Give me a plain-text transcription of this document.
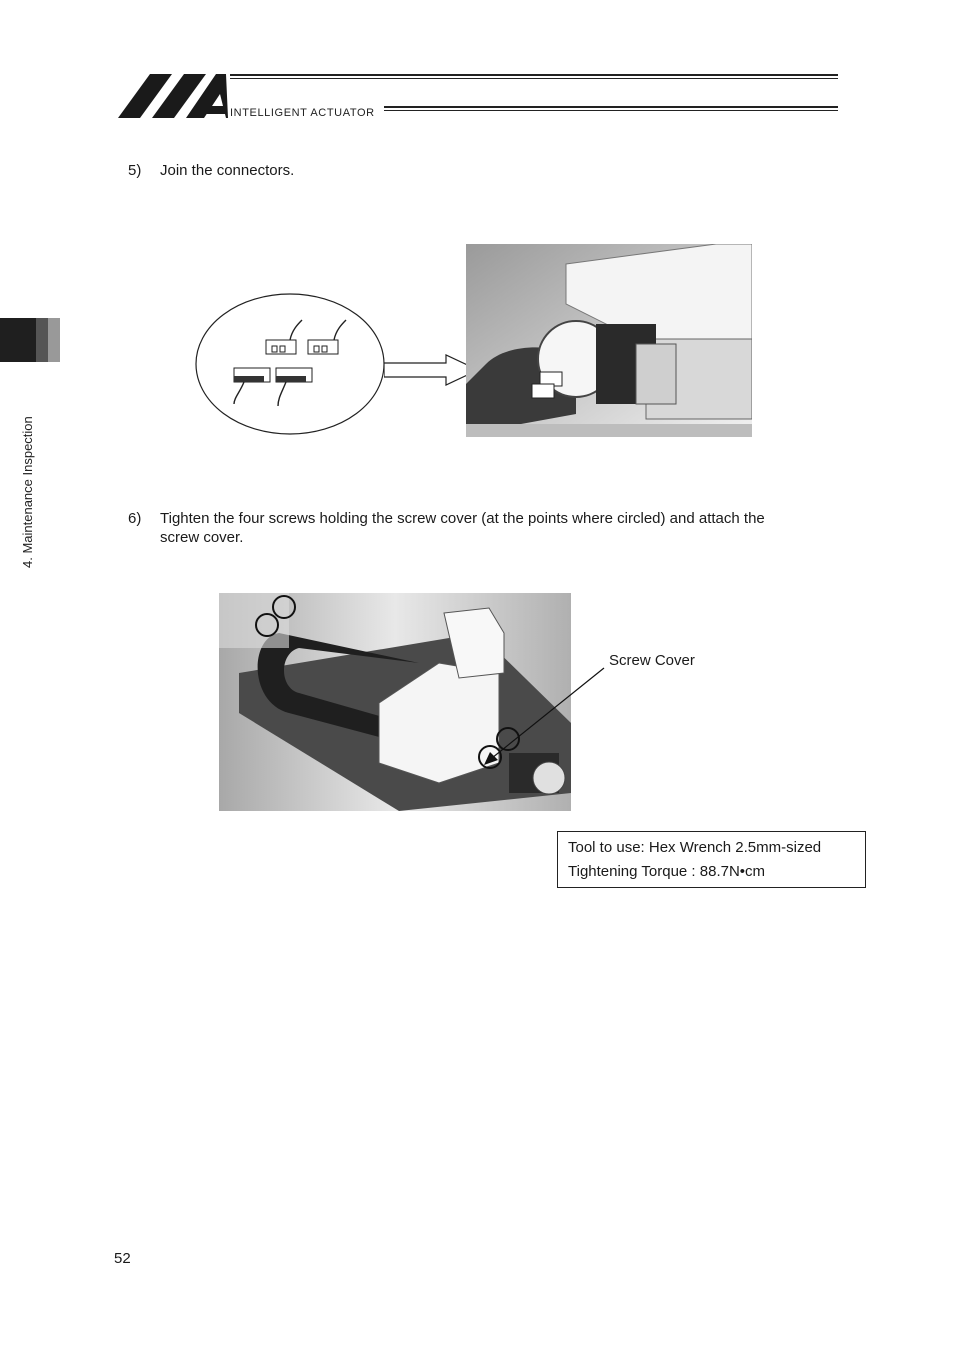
INTELLIGENT ACTUATOR
4. Maintenance Inspection
5) Join the connectors.
6) Tighten the four screws holding the screw cover (at the points where circled) and attach the
screw cover.
Screw Cover
Tool to use: Hex Wrench 2.5mm-sized
Tightening Torque : 88.7N•cm
52
